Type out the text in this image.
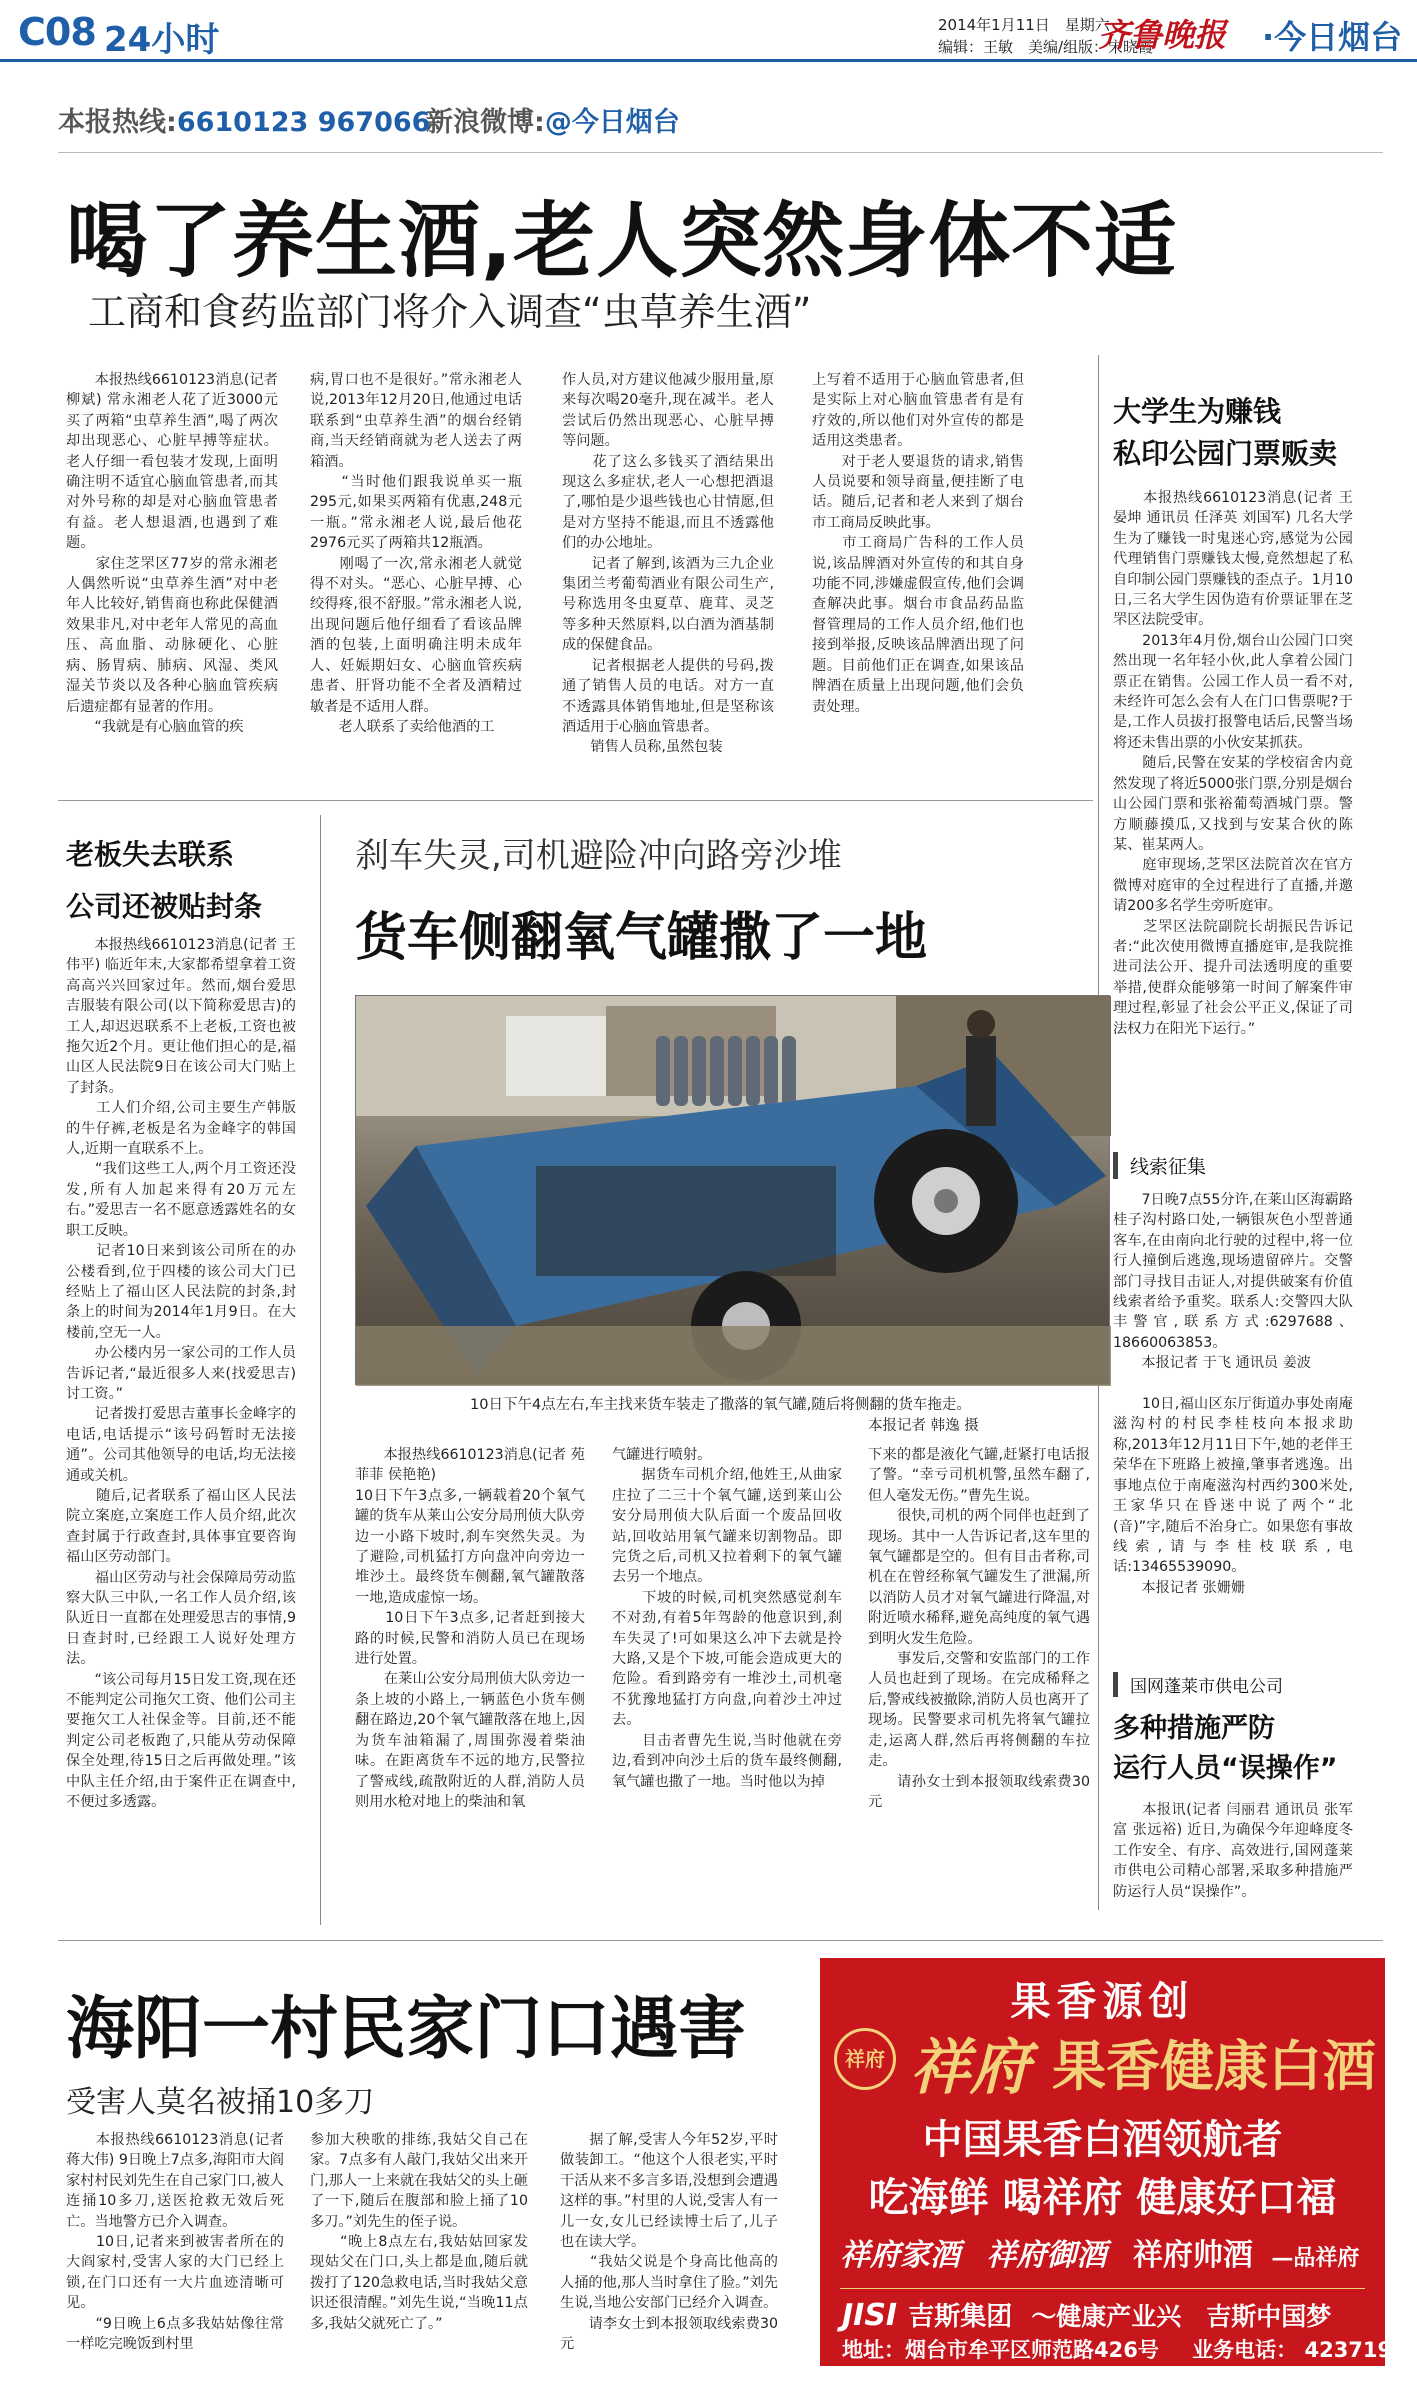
C08 24小时	2014年1月11日　星期六
编辑：王敏　美编/组版：宋晓霞
齐鲁晚报 ·今日烟台
本报热线:6610123 967066
新浪微博:@今日烟台
喝了养生酒,老人突然身体不适
工商和食药监部门将介入调查“虫草养生酒”
　　本报热线6610123消息(记者 柳斌) 常永湘老人花了近3000元买了两箱“虫草养生酒”,喝了两次却出现恶心、心脏早搏等症状。老人仔细一看包装才发现,上面明确注明不适宜心脑血管患者,而其对外号称的却是对心脑血管患者有益。老人想退酒,也遇到了难题。
　　家住芝罘区77岁的常永湘老人偶然听说“虫草养生酒”对中老年人比较好,销售商也称此保健酒效果非凡,对中老年人常见的高血压、高血脂、动脉硬化、心脏病、肠胃病、肺病、风湿、类风湿关节炎以及各种心脑血管疾病后遗症都有显著的作用。
　　“我就是有心脑血管的疾
病,胃口也不是很好。”常永湘老人说,2013年12月20日,他通过电话联系到“虫草养生酒”的烟台经销商,当天经销商就为老人送去了两箱酒。
　　“当时他们跟我说单买一瓶295元,如果买两箱有优惠,248元一瓶。”常永湘老人说,最后他花2976元买了两箱共12瓶酒。
　　刚喝了一次,常永湘老人就觉得不对头。“恶心、心脏早搏、心绞得疼,很不舒服。”常永湘老人说,出现问题后他仔细看了看该品牌酒的包装,上面明确注明未成年人、妊娠期妇女、心脑血管疾病患者、肝肾功能不全者及酒精过敏者是不适用人群。
　　老人联系了卖给他酒的工
作人员,对方建议他减少服用量,原来每次喝20毫升,现在减半。老人尝试后仍然出现恶心、心脏早搏等问题。
　　花了这么多钱买了酒结果出现这么多症状,老人一心想把酒退了,哪怕是少退些钱也心甘情愿,但是对方坚持不能退,而且不透露他们的办公地址。
　　记者了解到,该酒为三九企业集团兰考葡萄酒业有限公司生产,号称选用冬虫夏草、鹿茸、灵芝等多种天然原料,以白酒为酒基制成的保健食品。
　　记者根据老人提供的号码,拨通了销售人员的电话。对方一直不透露具体销售地址,但是坚称该酒适用于心脑血管患者。
　　销售人员称,虽然包装
上写着不适用于心脑血管患者,但是实际上对心脑血管患者有是有疗效的,所以他们对外宣传的都是适用这类患者。
　　对于老人要退货的请求,销售人员说要和领导商量,便挂断了电话。随后,记者和老人来到了烟台市工商局反映此事。
　　市工商局广告科的工作人员说,该品牌酒对外宣传的和其自身功能不同,涉嫌虚假宣传,他们会调查解决此事。烟台市食品药品监督管理局的工作人员介绍,他们也接到举报,反映该品牌酒出现了问题。目前他们正在调查,如果该品牌酒在质量上出现问题,他们会负责处理。
大学生为赚钱
私印公园门票贩卖
　　本报热线6610123消息(记者 王晏坤 通讯员 任泽英 刘国军) 几名大学生为了赚钱一时鬼迷心窍,感觉为公园代理销售门票赚钱太慢,竟然想起了私自印制公园门票赚钱的歪点子。1月10日,三名大学生因伪造有价票证罪在芝罘区法院受审。
　　2013年4月份,烟台山公园门口突然出现一名年轻小伙,此人拿着公园门票正在销售。公园工作人员一看不对,未经许可怎么会有人在门口售票呢?于是,工作人员拔打报警电话后,民警当场将还未售出票的小伙安某抓获。
　　随后,民警在安某的学校宿舍内竟然发现了将近5000张门票,分别是烟台山公园门票和张裕葡萄酒城门票。警方顺藤摸瓜,又找到与安某合伙的陈某、崔某两人。
　　庭审现场,芝罘区法院首次在官方微博对庭审的全过程进行了直播,并邀请200多名学生旁听庭审。
　　芝罘区法院副院长胡振民告诉记者:“此次使用微博直播庭审,是我院推进司法公开、提升司法透明度的重要举措,使群众能够第一时间了解案件审理过程,彰显了社会公平正义,保证了司法权力在阳光下运行。”
线索征集
　　7日晚7点55分许,在莱山区海霸路桂子沟村路口处,一辆银灰色小型普通客车,在由南向北行驶的过程中,将一位行人撞倒后逃逸,现场遗留碎片。交警部门寻找目击证人,对提供破案有价值线索者给予重奖。联系人:交警四大队丰警官,联系方式:6297688、18660063853。
　　本报记者 于飞 通讯员 姜波

　　10日,福山区东厅街道办事处南庵滋沟村的村民李桂枝向本报求助称,2013年12月11日下午,她的老伴王荣华在下班路上被撞,肇事者逃逸。出事地点位于南庵滋沟村西约300米处,王家华只在昏迷中说了两个“北(音)”字,随后不治身亡。如果您有事故线索,请与李桂枝联系,电话:13465539090。
　　本报记者 张姗姗
国网蓬莱市供电公司
多种措施严防
运行人员“误操作”
　　本报讯(记者 闫丽君 通讯员 张军富 张远裕) 近日,为确保今年迎峰度冬工作安全、有序、高效进行,国网蓬莱市供电公司精心部署,采取多种措施严防运行人员“误操作”。
老板失去联系
公司还被贴封条
　　本报热线6610123消息(记者 王伟平) 临近年末,大家都希望拿着工资高高兴兴回家过年。然而,烟台爱思吉服装有限公司(以下简称爱思吉)的工人,却迟迟联系不上老板,工资也被拖欠近2个月。更让他们担心的是,福山区人民法院9日在该公司大门贴上了封条。
　　工人们介绍,公司主要生产韩版的牛仔裤,老板是名为金峰字的韩国人,近期一直联系不上。
　　“我们这些工人,两个月工资还没发,所有人加起来得有20万元左右。”爱思吉一名不愿意透露姓名的女职工反映。
　　记者10日来到该公司所在的办公楼看到,位于四楼的该公司大门已经贴上了福山区人民法院的封条,封条上的时间为2014年1月9日。在大楼前,空无一人。
　　办公楼内另一家公司的工作人员告诉记者,“最近很多人来(找爱思吉)讨工资。”
　　记者拨打爱思吉董事长金峰字的电话,电话提示“该号码暂时无法接通”。公司其他领导的电话,均无法接通或关机。
　　随后,记者联系了福山区人民法院立案庭,立案庭工作人员介绍,此次查封属于行政查封,具体事宜要咨询福山区劳动部门。
　　福山区劳动与社会保障局劳动监察大队三中队,一名工作人员介绍,该队近日一直都在处理爱思吉的事情,9日查封时,已经跟工人说好处理方法。
　　“该公司每月15日发工资,现在还不能判定公司拖欠工资、他们公司主要拖欠工人社保金等。目前,还不能判定公司老板跑了,只能从劳动保障保全处理,待15日之后再做处理。”该中队主任介绍,由于案件正在调查中,不便过多透露。
刹车失灵,司机避险冲向路旁沙堆
货车侧翻氧气罐撒了一地
10日下午4点左右,车主找来货车装走了撒落的氧气罐,随后将侧翻的货车拖走。
本报记者 韩逸 摄
　　本报热线6610123消息(记者 苑菲菲 侯艳艳)
10日下午3点多,一辆载着20个氧气罐的货车从莱山公安分局刑侦大队旁边一小路下坡时,刹车突然失灵。为了避险,司机猛打方向盘冲向旁边一堆沙土。最终货车侧翻,氧气罐散落一地,造成虚惊一场。
　　10日下午3点多,记者赶到接大路的时候,民警和消防人员已在现场进行处置。
　　在莱山公安分局刑侦大队旁边一条上坡的小路上,一辆蓝色小货车侧翻在路边,20个氧气罐散落在地上,因为货车油箱漏了,周围弥漫着柴油味。在距离货车不远的地方,民警拉了警戒线,疏散附近的人群,消防人员则用水枪对地上的柴油和氧
气罐进行喷射。
　　据货车司机介绍,他姓王,从曲家庄拉了二三十个氧气罐,送到莱山公安分局刑侦大队后面一个废品回收站,回收站用氧气罐来切割物品。即完货之后,司机又拉着剩下的氧气罐去另一个地点。
　　下坡的时候,司机突然感觉刹车不对劲,有着5年驾龄的他意识到,刹车失灵了!可如果这么冲下去就是拎大路,又是个下坡,可能会造成更大的危险。看到路旁有一堆沙土,司机毫不犹豫地猛打方向盘,向着沙土冲过去。
　　目击者曹先生说,当时他就在旁边,看到冲向沙土后的货车最终侧翻,氧气罐也撒了一地。当时他以为掉
下来的都是液化气罐,赶紧打电话报了警。“幸亏司机机警,虽然车翻了,但人毫发无伤。”曹先生说。
　　很快,司机的两个同伴也赶到了现场。其中一人告诉记者,这车里的氧气罐都是空的。但有目击者称,司机在在曾经称氧气罐发生了泄漏,所以消防人员才对氧气罐进行降温,对附近喷水稀释,避免高纯度的氧气遇到明火发生危险。
　　事发后,交警和安监部门的工作人员也赶到了现场。在完成稀释之后,警戒线被撤除,消防人员也离开了现场。民警要求司机先将氧气罐拉走,运离人群,然后再将侧翻的车拉走。
　　请孙女士到本报领取线索费30元
海阳一村民家门口遇害
受害人莫名被捅10多刀
　　本报热线6610123消息(记者 蒋大伟) 9日晚上7点多,海阳市大阎家村村民刘先生在自己家门口,被人连捅10多刀,送医抢救无效后死亡。当地警方已介入调查。
　　10日,记者来到被害者所在的大阎家村,受害人家的大门已经上锁,在门口还有一大片血迹清晰可见。
　　“9日晚上6点多我姑姑像往常一样吃完晚饭到村里
参加大秧歌的排练,我姑父自己在家。7点多有人敲门,我姑父出来开门,那人一上来就在我姑父的头上砸了一下,随后在腹部和脸上捅了10多刀。”刘先生的侄子说。
　　“晚上8点左右,我姑姑回家发现姑父在门口,头上都是血,随后就拨打了120急救电话,当时我姑父意识还很清醒。”刘先生说,“当晚11点多,我姑父就死亡了。”
　　据了解,受害人今年52岁,平时做装卸工。“他这个人很老实,平时干活从来不多言多语,没想到会遭遇这样的事。”村里的人说,受害人有一儿一女,女儿已经读博士后了,儿子也在读大学。
　　“我姑父说是个身高比他高的人捅的他,那人当时拿住了脸。”刘先生说,当地公安部门已经介入调查。
　　请李女士到本报领取线索费30元
果香源创
祥府 祥府 果香健康白酒
中国果香白酒领航者
吃海鲜 喝祥府 健康好口福
祥府家酒 祥府御酒 祥府帅酒 —品祥府
JISI 吉斯集团 ～健康产业兴　吉斯中国梦
地址：烟台市牟平区师范路426号 业务电话： 4237199
